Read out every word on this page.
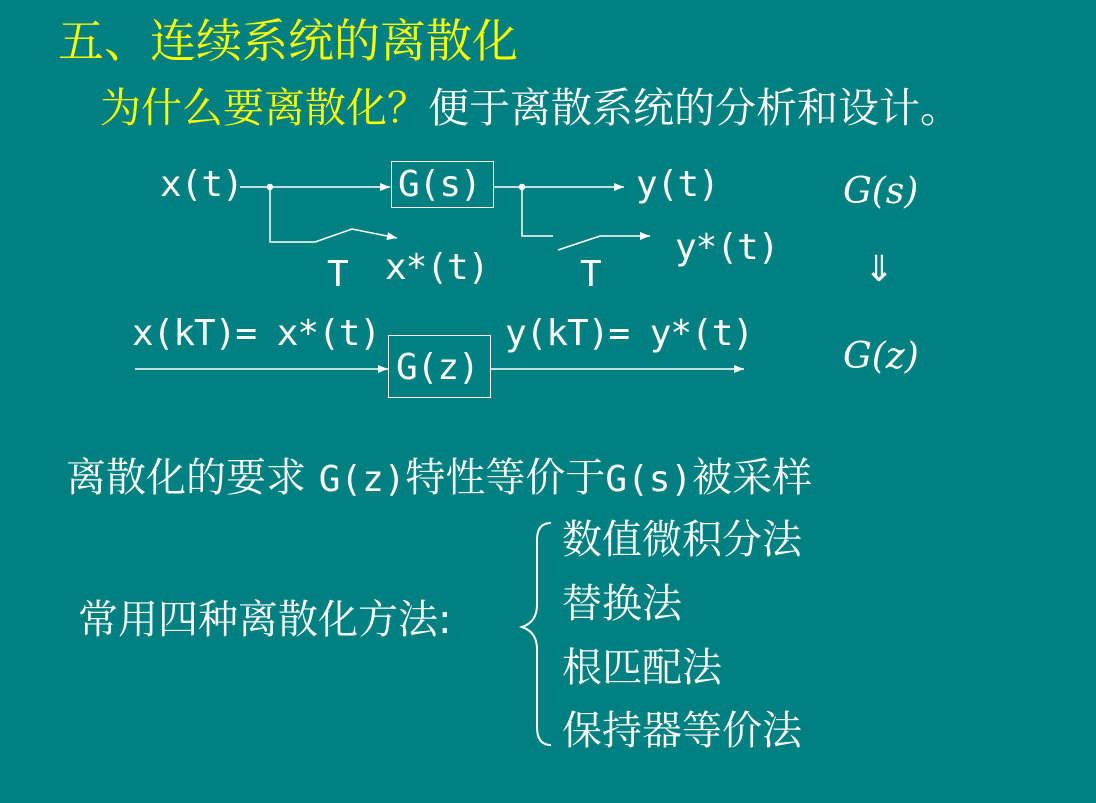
五、连续系统的离散化
为什么要离散化？便于离散系统的分析和设计。
G(s)
G(z)
x(t)	y(t)
T x*(t)	T
y*(t)
x(kT)= x*(t)	y(kT)= y*(t)
G(s)
⇓
G(z)
离散化的要求 G(z)特性等价于G(s)被采样
常用四种离散化方法:
数值微积分法
替换法
根匹配法
保持器等价法
